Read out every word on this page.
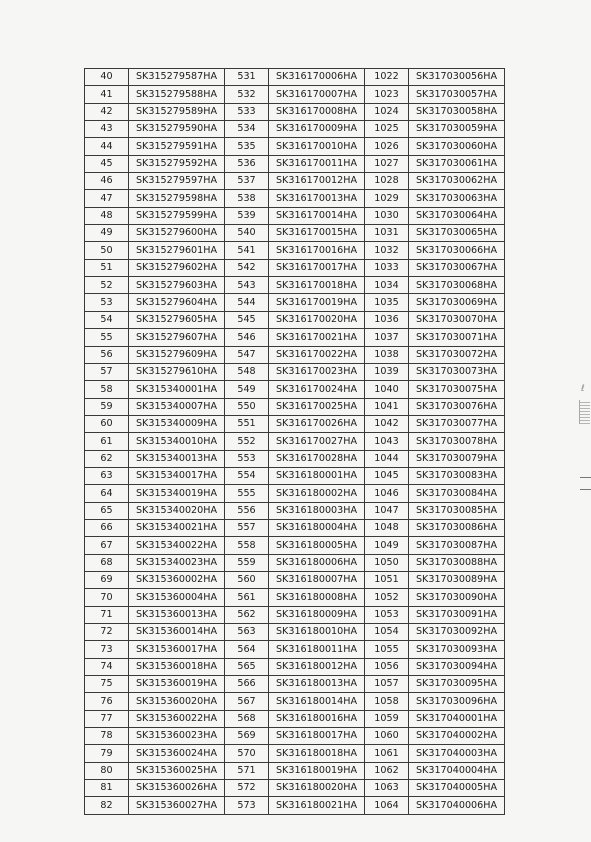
40	SK315279587HA	531	SK316170006HA	1022	SK317030056HA
41	SK315279588HA	532	SK316170007HA	1023	SK317030057HA
42	SK315279589HA	533	SK316170008HA	1024	SK317030058HA
43	SK315279590HA	534	SK316170009HA	1025	SK317030059HA
44	SK315279591HA	535	SK316170010HA	1026	SK317030060HA
45	SK315279592HA	536	SK316170011HA	1027	SK317030061HA
46	SK315279597HA	537	SK316170012HA	1028	SK317030062HA
47	SK315279598HA	538	SK316170013HA	1029	SK317030063HA
48	SK315279599HA	539	SK316170014HA	1030	SK317030064HA
49	SK315279600HA	540	SK316170015HA	1031	SK317030065HA
50	SK315279601HA	541	SK316170016HA	1032	SK317030066HA
51	SK315279602HA	542	SK316170017HA	1033	SK317030067HA
52	SK315279603HA	543	SK316170018HA	1034	SK317030068HA
53	SK315279604HA	544	SK316170019HA	1035	SK317030069HA
54	SK315279605HA	545	SK316170020HA	1036	SK317030070HA
55	SK315279607HA	546	SK316170021HA	1037	SK317030071HA
56	SK315279609HA	547	SK316170022HA	1038	SK317030072HA
57	SK315279610HA	548	SK316170023HA	1039	SK317030073HA
58	SK315340001HA	549	SK316170024HA	1040	SK317030075HA
59	SK315340007HA	550	SK316170025HA	1041	SK317030076HA
60	SK315340009HA	551	SK316170026HA	1042	SK317030077HA
61	SK315340010HA	552	SK316170027HA	1043	SK317030078HA
62	SK315340013HA	553	SK316170028HA	1044	SK317030079HA
63	SK315340017HA	554	SK316180001HA	1045	SK317030083HA
64	SK315340019HA	555	SK316180002HA	1046	SK317030084HA
65	SK315340020HA	556	SK316180003HA	1047	SK317030085HA
66	SK315340021HA	557	SK316180004HA	1048	SK317030086HA
67	SK315340022HA	558	SK316180005HA	1049	SK317030087HA
68	SK315340023HA	559	SK316180006HA	1050	SK317030088HA
69	SK315360002HA	560	SK316180007HA	1051	SK317030089HA
70	SK315360004HA	561	SK316180008HA	1052	SK317030090HA
71	SK315360013HA	562	SK316180009HA	1053	SK317030091HA
72	SK315360014HA	563	SK316180010HA	1054	SK317030092HA
73	SK315360017HA	564	SK316180011HA	1055	SK317030093HA
74	SK315360018HA	565	SK316180012HA	1056	SK317030094HA
75	SK315360019HA	566	SK316180013HA	1057	SK317030095HA
76	SK315360020HA	567	SK316180014HA	1058	SK317030096HA
77	SK315360022HA	568	SK316180016HA	1059	SK317040001HA
78	SK315360023HA	569	SK316180017HA	1060	SK317040002HA
79	SK315360024HA	570	SK316180018HA	1061	SK317040003HA
80	SK315360025HA	571	SK316180019HA	1062	SK317040004HA
81	SK315360026HA	572	SK316180020HA	1063	SK317040005HA
82	SK315360027HA	573	SK316180021HA	1064	SK317040006HA
ℓ
